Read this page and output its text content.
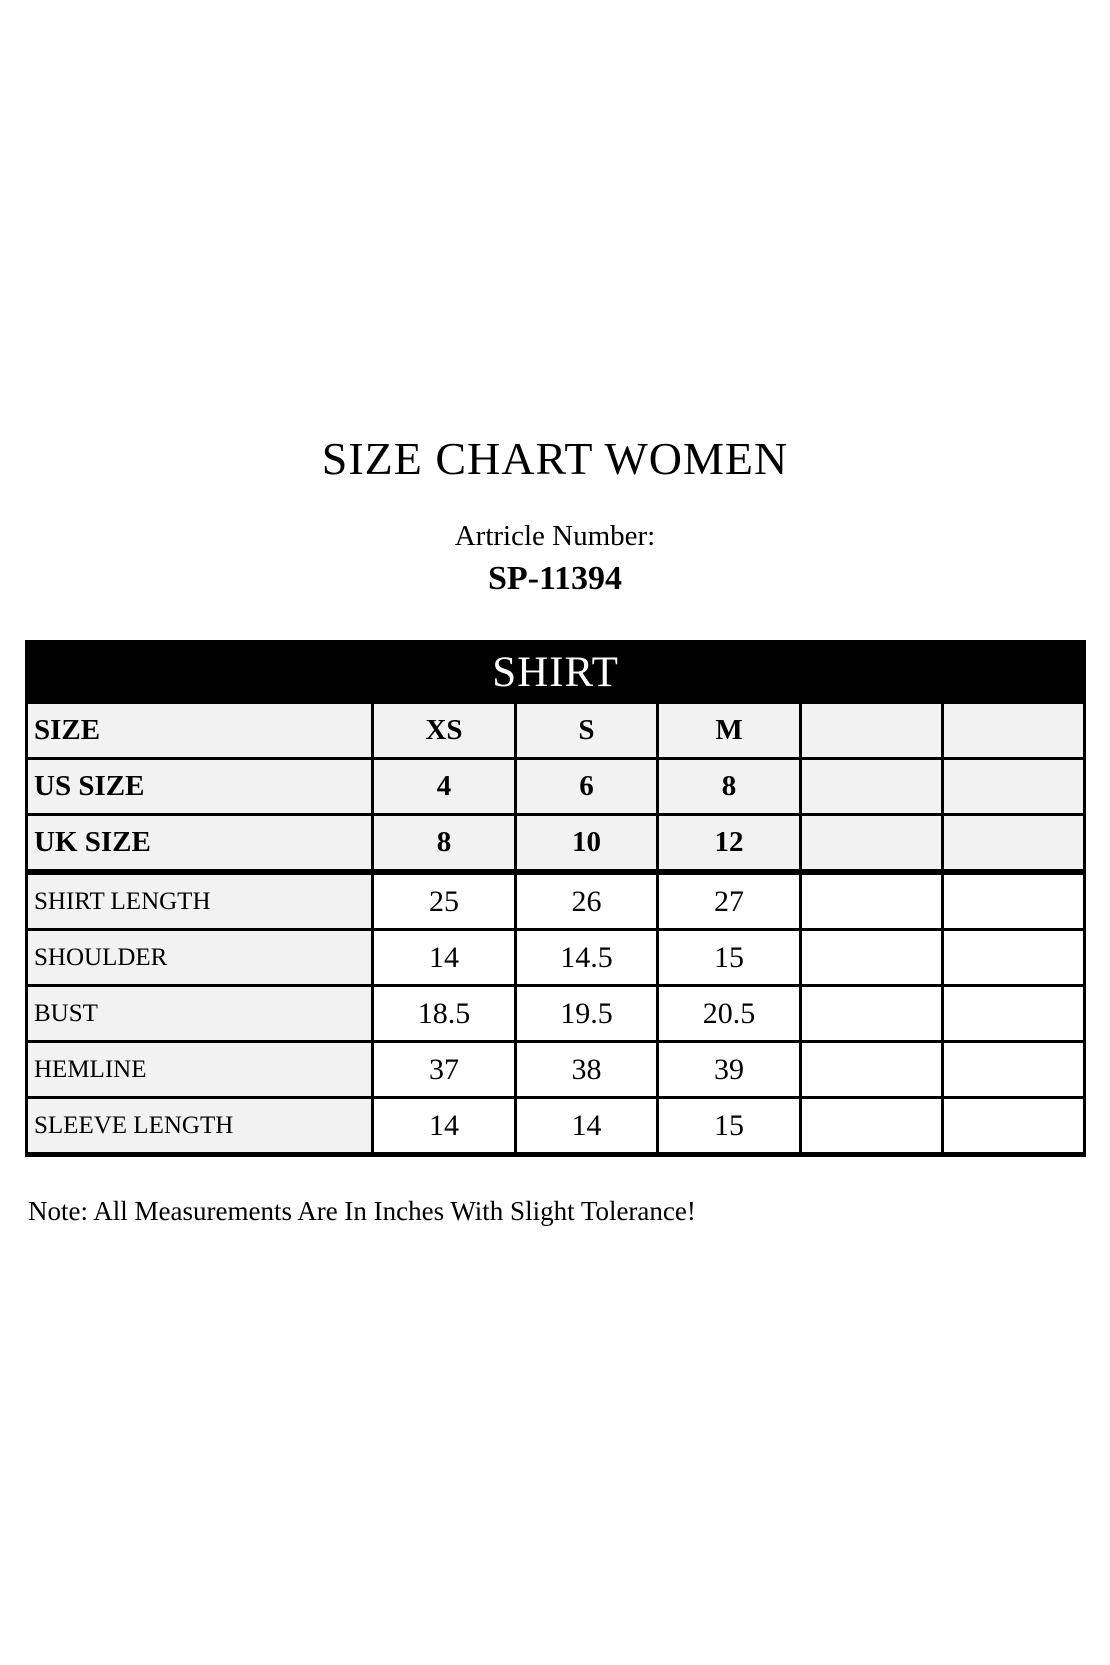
SIZE CHART WOMEN
Artricle Number:
SP-11394
SHIRT					
SIZE	XS	S	M		
US SIZE	4	6	8		
UK SIZE	8	10	12		
SHIRT LENGTH	25	26	27		
SHOULDER	14	14.5	15		
BUST	18.5	19.5	20.5		
HEMLINE	37	38	39		
SLEEVE LENGTH	14	14	15		
Note: All Measurements Are In Inches With Slight Tolerance!
